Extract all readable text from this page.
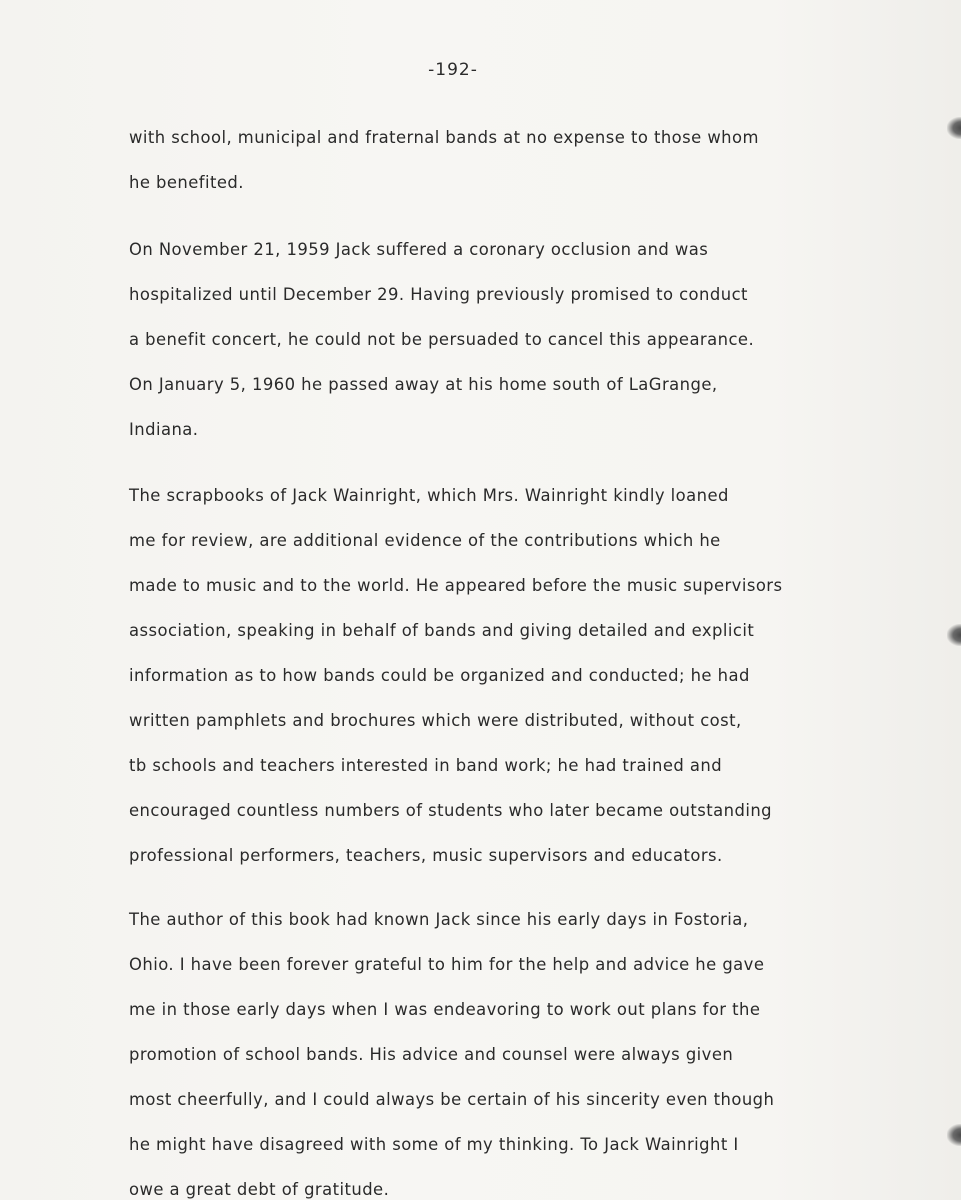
-192-
with school, municipal and fraternal bands at no expense to those whom
he benefited.
On November 21, 1959 Jack suffered a coronary occlusion and was
hospitalized until December 29. Having previously promised to conduct
a benefit concert, he could not be persuaded to cancel this appearance.
On January 5, 1960 he passed away at his home south of LaGrange,
Indiana.
The scrapbooks of Jack Wainright, which Mrs. Wainright kindly loaned
me for review, are additional evidence of the contributions which he
made to music and to the world. He appeared before the music supervisors
association, speaking in behalf of bands and giving detailed and explicit
information as to how bands could be organized and conducted; he had
written pamphlets and brochures which were distributed, without cost,
tb schools and teachers interested in band work; he had trained and
encouraged countless numbers of students who later became outstanding
professional performers, teachers, music supervisors and educators.
The author of this book had known Jack since his early days in Fostoria,
Ohio. I have been forever grateful to him for the help and advice he gave
me in those early days when I was endeavoring to work out plans for the
promotion of school bands. His advice and counsel were always given
most cheerfully, and I could always be certain of his sincerity even though
he might have disagreed with some of my thinking. To Jack Wainright I
owe a great debt of gratitude.
